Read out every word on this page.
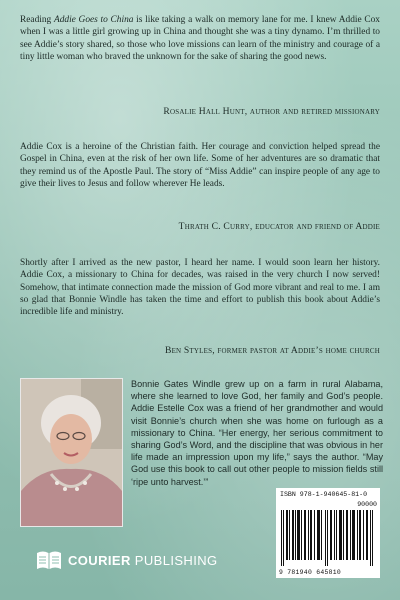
Reading Addie Goes to China is like taking a walk on memory lane for me. I knew Addie Cox when I was a little girl growing up in China and thought she was a tiny dynamo. I’m thrilled to see Addie’s story shared, so those who love missions can learn of the ministry and courage of a tiny little woman who braved the unknown for the sake of sharing the good news.

Rosalie Hall Hunt, author and retired missionary

Addie Cox is a heroine of the Christian faith. Her courage and conviction helped spread the Gospel in China, even at the risk of her own life. Some of her adventures are so dramatic that they remind us of the Apostle Paul. The story of “Miss Addie” can inspire people of any age to give their lives to Jesus and follow wherever He leads.

Thrath C. Curry, educator and friend of Addie

Shortly after I arrived as the new pastor, I heard her name. I would soon learn her history. Addie Cox, a missionary to China for decades, was raised in the very church I now served! Somehow, that intimate connection made the mission of God more vibrant and real to me. I am so glad that Bonnie Windle has taken the time and effort to publish this book about Addie’s incredible life and ministry.

Ben Styles, former pastor at Addie’s home church

Bonnie Gates Windle grew up on a farm in rural Alabama, where she learned to love God, her family and God’s people. Addie Estelle Cox was a friend of her grandmother and would visit Bonnie’s church when she was home on furlough as a missionary to China. “Her energy, her serious commitment to sharing God’s Word, and the discipline that was obvious in her life made an impression upon my life,” says the author. “May God use this book to call out other people to mission fields still ‘ripe unto harvest.’”

ISBN 978-1-940645-81-0
90000
9 781940 645810
COURIER PUBLISHING
